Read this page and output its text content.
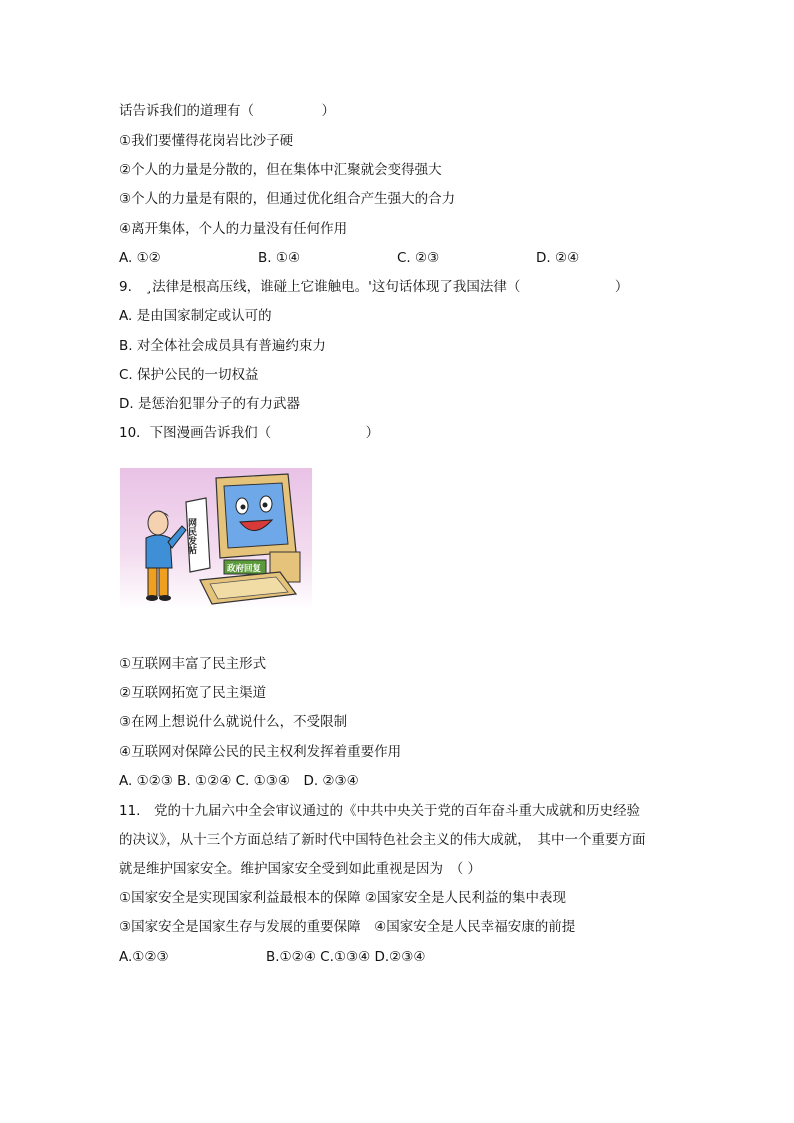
话告诉我们的道理有（　　　　　）
①我们要懂得花岗岩比沙子硬
②个人的力量是分散的，但在集体中汇聚就会变得强大
③个人的力量是有限的，但通过优化组合产生强大的合力
④离开集体，个人的力量没有任何作用
A. ①②	B. ①④	C. ②③	D. ②④
9.　¸法律是根高压线，谁碰上它谁触电。'这句话体现了我国法律（　　　　　　　）
A. 是由国家制定或认可的
B. 对全体社会成员具有普遍约束力
C. 保护公民的一切权益
D. 是惩治犯罪分子的有力武器
10．下图漫画告诉我们（　　　　　　　）
网民发帖
政府回复
①互联网丰富了民主形式
②互联网拓宽了民主渠道
③在网上想说什么就说什么，不受限制
④互联网对保障公民的民主权利发挥着重要作用
A. ①②③ B. ①②④ C. ①③④　D. ②③④
11.　党的十九届六中全会审议通过的《中共中央关于党的百年奋斗重大成就和历史经验
的决议》，从十三个方面总结了新时代中国特色社会主义的伟大成就，　其中一个重要方面
就是维护国家安全。维护国家安全受到如此重视是因为　（ ）
①国家安全是实现国家利益最根本的保障 ②国家安全是人民利益的集中表现
③国家安全是国家生存与发展的重要保障　④国家安全是人民幸福安康的前提
A.①②③	B.①②④ C.①③④ D.②③④
